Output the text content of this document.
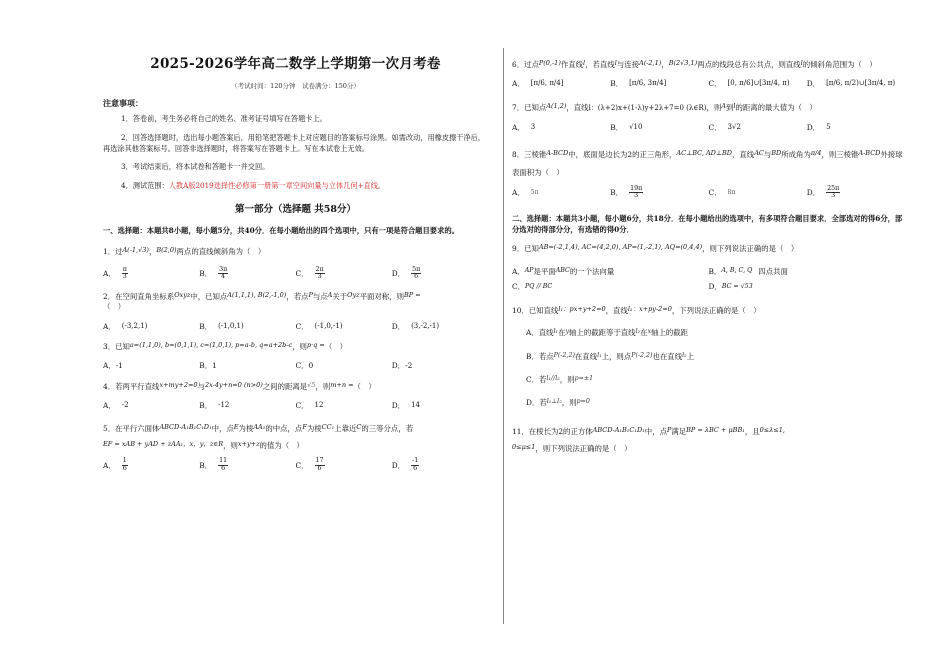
2025-2026学年高二数学上学期第一次月考卷
（考试时间：120分钟　试卷满分：150分）
注意事项：

1．答卷前，考生务必将自己的姓名、准考证号填写在答题卡上。

2．回答选择题时，选出每小题答案后，用铅笔把答题卡上对应题目的答案标号涂黑。如需改动，用橡皮擦干净后，再选涂其他答案标号。回答非选择题时，将答案写在答题卡上。写在本试卷上无效。

3．考试结束后，将本试卷和答题卡一并交回。

4．测试范围：人教A版2019选择性必修第一册第一章空间向量与立体几何+直线。

第一部分（选择题 共58分）
一、选择题：本题共8小题，每小题5分，共40分．在每小题给出的四个选项中，只有一项是符合题目要求的。
1．过A(-1,√3)，B(2,0)两点的直线倾斜角为（　）
A． $\frac{\pi}{3}$	B． $\frac{3\pi}{4}$	C． $\frac{2\pi}{3}$	D． $\frac{5\pi}{6}$
2．在空间直角坐标系Oxyz中，已知点A(1,1,1), B(2,-1,0)，若点P与点A关于Oyz平面对称，则BP =
（　）
A． (-3,2,1)	B． (-1,0,1)	C． (-1,0,-1)	D． (3,-2,-1)
3．已知a=(1,1,0), b=(0,1,1), c=(1,0,1), p=a-b, q=a+2b-c，则p·q =（　）
A．-1	B．1	C．0	D．-2
4．若两平行直线x+my+2=0与2x-4y+n=0 (n>0)之间的距离是√5，则m+n =（　）
A． -2	B． -12	C． 12	D． 14
5．在平行六面体ABCD-A₁B₁C₁D₁中，点E为棱AA₁的中点，点F为棱CC₁上靠近C的三等分点，若
EF = xAB + yAD + zAA₁，x，y，z∈R，则x+y+z的值为（　）
A． $\frac{1}{6}$	B． $\frac{11}{6}$	C． $\frac{17}{6}$	D． $\frac{-1}{6}$
6．过点P(0,-1)作直线l，若直线l与连接A(-2,1)，B(2√3,1)两点的线段总有公共点，则直线l的倾斜角范围为（　）
A． [π/6, π/4]	B． [π/6, 3π/4]	C． [0, π/6]∪[3π/4, π) D． [π/6, π/2)∪[3π/4, π)
7．已知点A(1,2)，直线l：(λ+2)x+(1-λ)y+2λ+7=0 (λ∈R)，则A到l的距离的最大值为（　）
A． 3	B． √10	C． 3√2	D． 5
8．三棱锥A-BCD中，底面是边长为2的正三角形，AC⊥BC, AD⊥BD，直线AC与BD所成角为π/4，则三棱锥A-BCD外接球表面积为（　）
A． 5π	B． $\frac{19\pi}{3}$	C． 8π	D． $\frac{25\pi}{3}$
二、选择题：本题共3小题，每小题6分，共18分．在每小题给出的选项中，有多项符合题目要求．全部选对的得6分，部分选对的得部分分，有选错的得0分．
9．已知AB=(-2,1,4), AC=(4,2,0), AP=(1,-2,1), AQ=(0,4,4)，则下列说法正确的是（　）
A． AP 是平面 ABC 的一个法向量	B． A, B, C, Q 四点共面
C． PQ // BC	D． BC = √53
10．已知直线l₁：px+y+2=0，直线l₂：x+py-2=0，下列说法正确的是（　）
A．直线l₁在y轴上的截距等于直线l₂在x轴上的截距
B．若点P(-2,2)在直线l₁上，则点P(-2,2)也在直线l₂上
C．若l₁//l₂，则p=±1
D．若l₁⊥l₂，则p=0
11．在棱长为2的正方体ABCD-A₁B₁C₁D₁中，点P满足BP = λBC + μBB₁，且0≤λ≤1, 0≤μ≤1，则下列说法正确的是（　）
